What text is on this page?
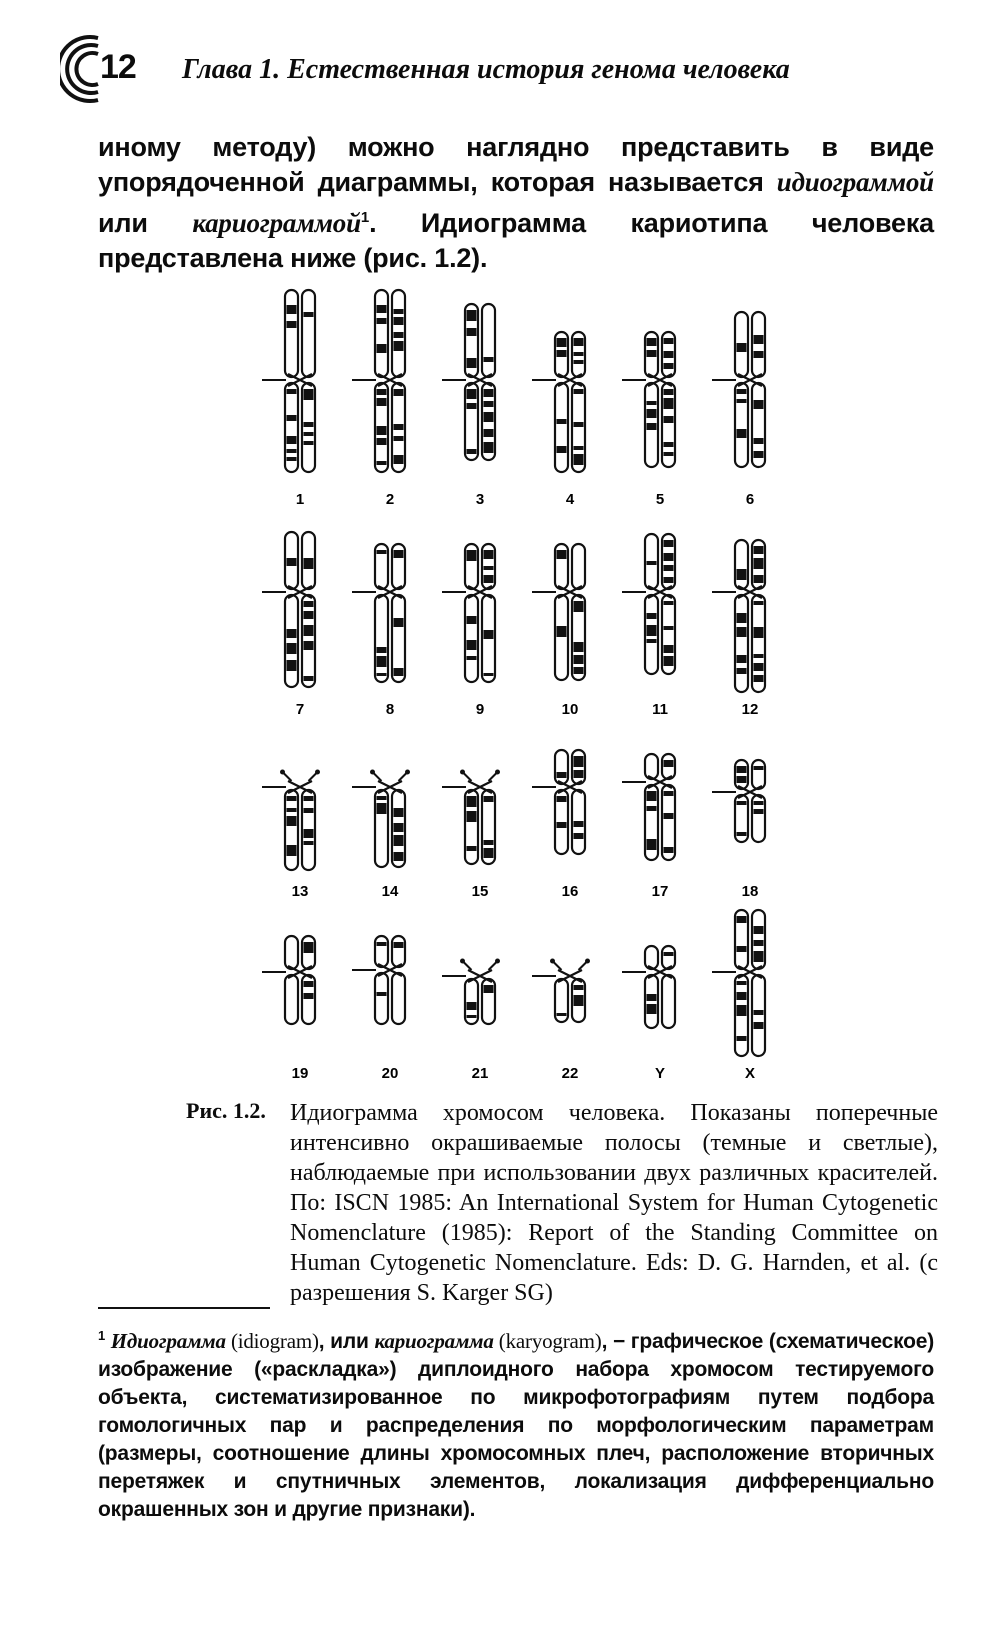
12 Глава 1. Естественная история генома человека
иному методу) можно наглядно представить в виде упорядоченной диаграммы, которая называется идиограммой или кариограммой$^1$. Идиограмма кариотипа человека представлена ниже (рис. 1.2).
1	2	3	4	5	6
7	8	9	10	11	12
13	14	15	16	17	18
19	20	21	22	Y	X
Рис. 1.2. Идиограмма хромосом человека. Показаны поперечные интенсивно окрашиваемые полосы (темные и светлые), наблюдаемые при использовании двух различных красителей. По: ISCN 1985: An International System for Human Cytogenetic Nomenclature (1985): Report of the Standing Committee on Human Cytogenetic Nomenclature. Eds: D. G. Harnden, et al. (с разрешения S. Karger SG)
$^1$ Идиограмма (idiogram), или кариограмма (karyogram), − графическое (схематическое) изображение («раскладка») диплоидного набора хромосом тестируемого объекта, систематизированное по микрофотографиям путем подбора гомологичных пар и распределения по морфологическим параметрам (размеры, соотношение длины хромосомных плеч, расположение вторичных перетяжек и спутничных элементов, локализация дифференциально окрашенных зон и другие признаки).
